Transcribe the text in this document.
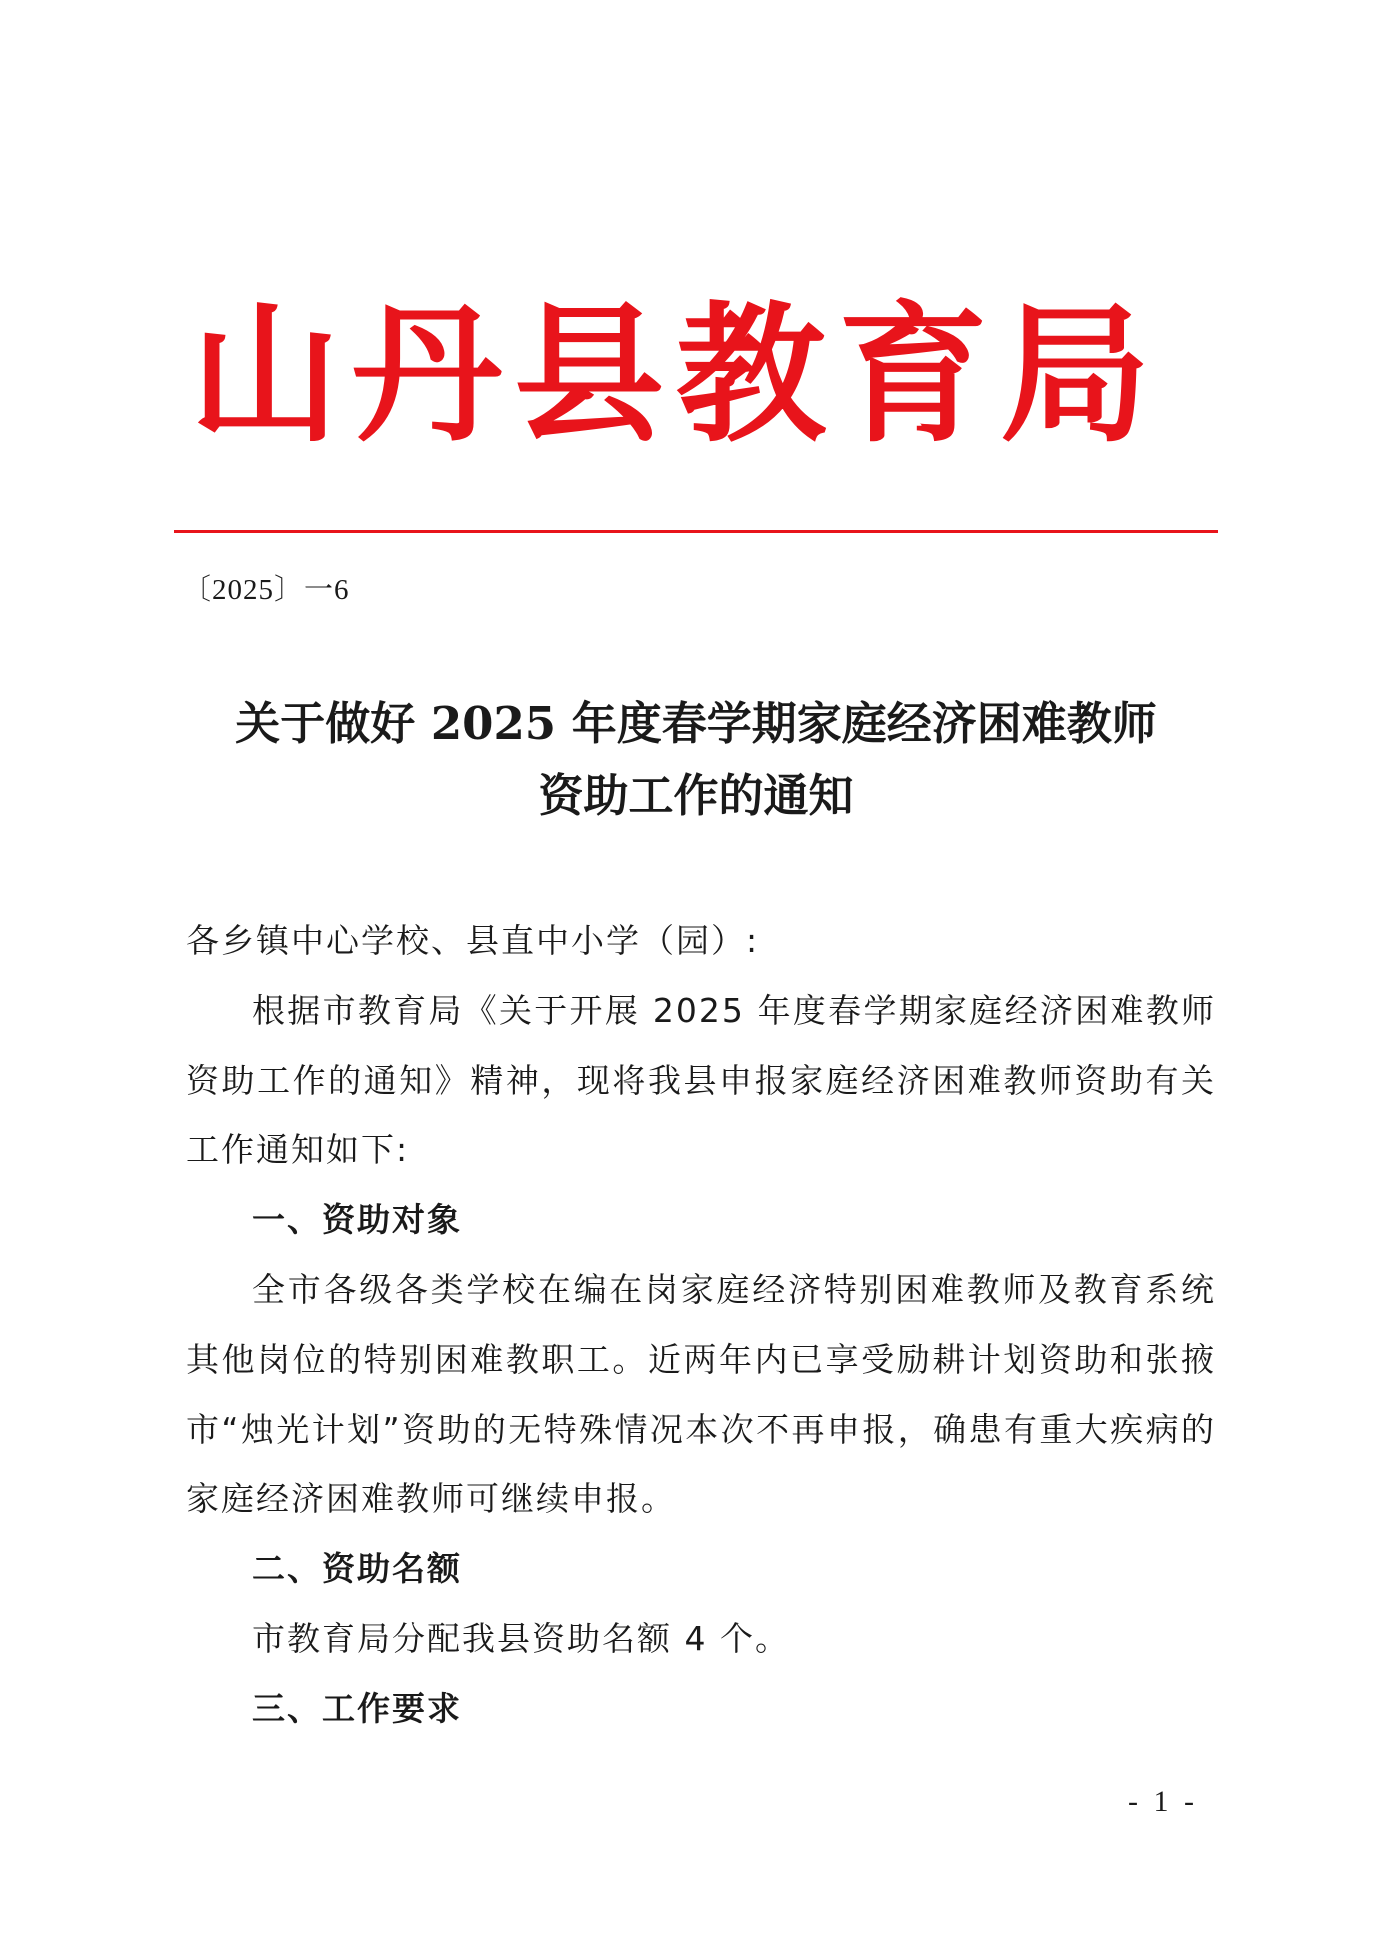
山丹县教育局
〔2025〕一6
关于做好 2025 年度春学期家庭经济困难教师
资助工作的通知

各乡镇中心学校、县直中小学（园）:

根据市教育局《关于开展 2025 年度春学期家庭经济困难教师资助工作的通知》精神，现将我县申报家庭经济困难教师资助有关工作通知如下:

一、资助对象

全市各级各类学校在编在岗家庭经济特别困难教师及教育系统其他岗位的特别困难教职工。近两年内已享受励耕计划资助和张掖市“烛光计划”资助的无特殊情况本次不再申报，确患有重大疾病的家庭经济困难教师可继续申报。

二、资助名额

市教育局分配我县资助名额 4 个。

三、工作要求

- 1 -
